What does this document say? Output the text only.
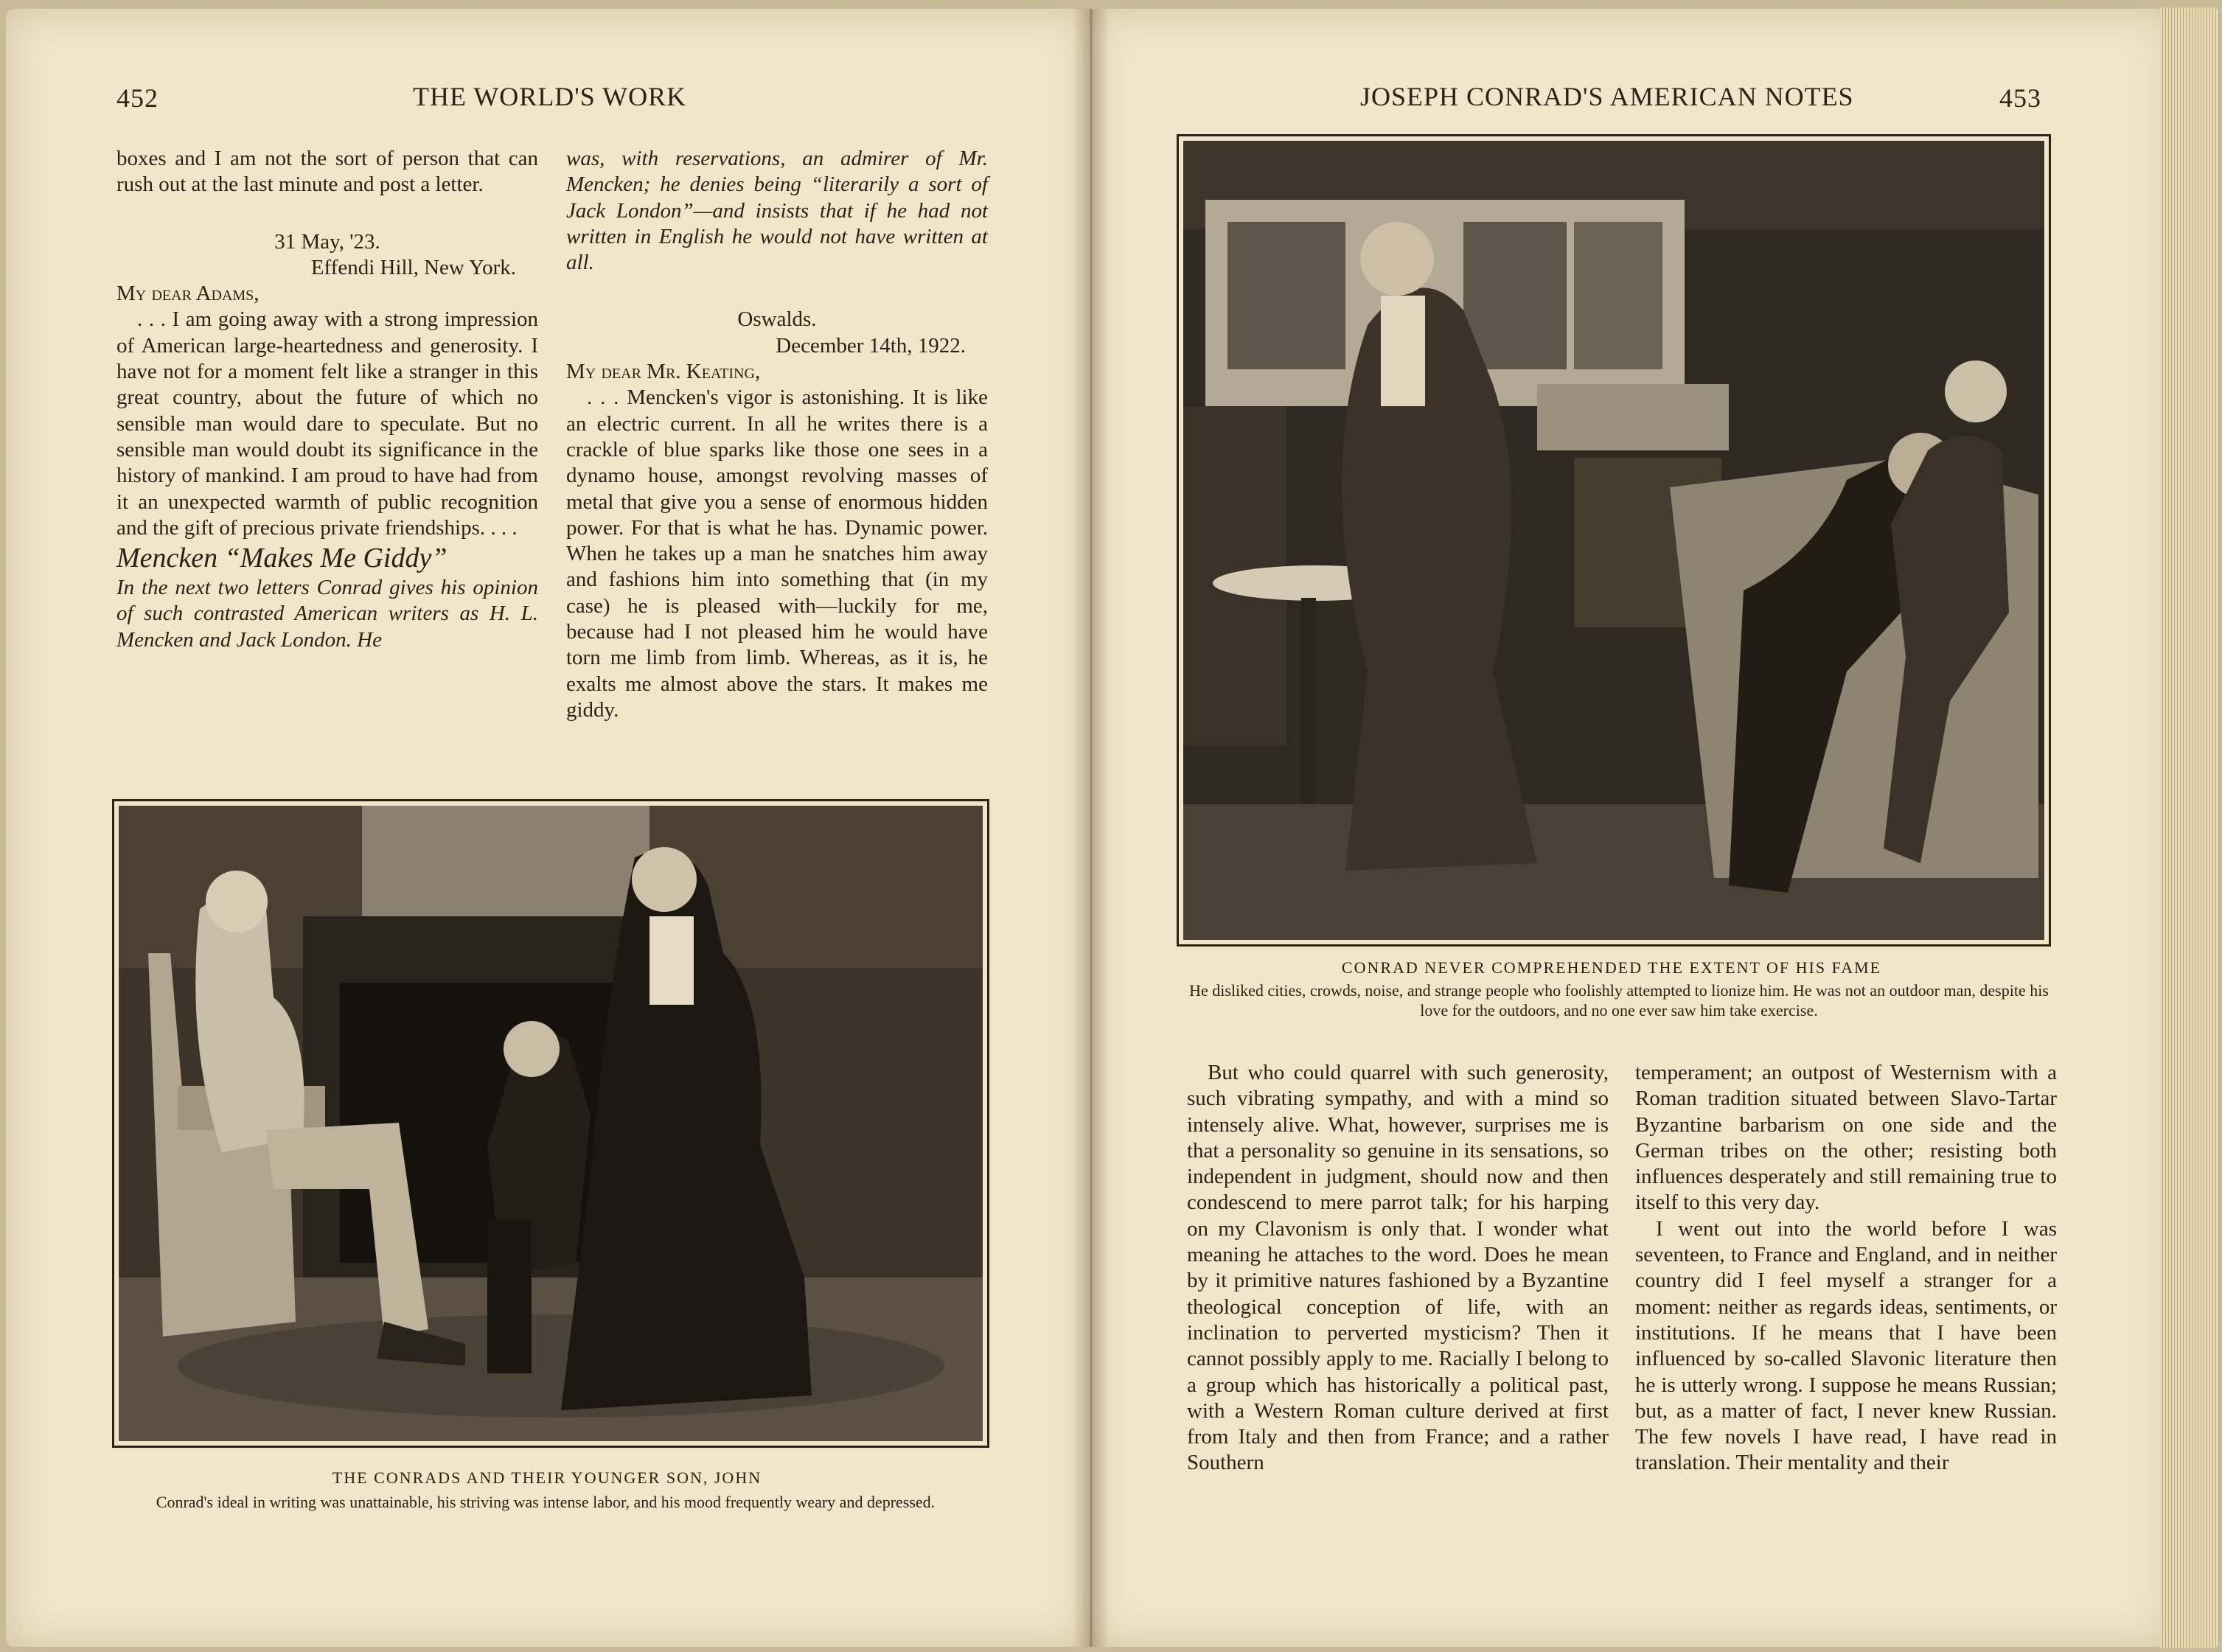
452	THE WORLD'S WORK

boxes and I am not the sort of person that can rush out at the last minute and post a letter.

31 May, '23.

Effendi Hill, New York.

My dear Adams,

. . . I am going away with a strong impression of American large-heartedness and generosity. I have not for a moment felt like a stranger in this great country, about the future of which no sensible man would dare to speculate. But no sensible man would doubt its significance in the history of mankind. I am proud to have had from it an unexpected warmth of public recognition and the gift of precious private friendships. . . .

Mencken “Makes Me Giddy”

In the next two letters Conrad gives his opinion of such contrasted American writers as H. L. Mencken and Jack London. He

was, with reservations, an admirer of Mr. Mencken; he denies being “literarily a sort of Jack London”—and insists that if he had not written in English he would not have written at all.

Oswalds.

December 14th, 1922.

My dear Mr. Keating,

. . . Mencken's vigor is astonishing. It is like an electric current. In all he writes there is a crackle of blue sparks like those one sees in a dynamo house, amongst revolving masses of metal that give you a sense of enormous hidden power. For that is what he has. Dynamic power. When he takes up a man he snatches him away and fashions him into something that (in my case) he is pleased with—luckily for me, because had I not pleased him he would have torn me limb from limb. Whereas, as it is, he exalts me almost above the stars. It makes me giddy.

THE CONRADS AND THEIR YOUNGER SON, JOHN
Conrad's ideal in writing was unattainable, his striving was intense labor, and his mood frequently weary and depressed.
JOSEPH CONRAD'S AMERICAN NOTES	453
CONRAD NEVER COMPREHENDED THE EXTENT OF HIS FAME
He disliked cities, crowds, noise, and strange people who foolishly attempted to lionize him. He was not an outdoor man, despite his love for the outdoors, and no one ever saw him take exercise.

But who could quarrel with such generosity, such vibrating sympathy, and with a mind so intensely alive. What, however, surprises me is that a personality so genuine in its sensations, so independent in judgment, should now and then condescend to mere parrot talk; for his harping on my Clavonism is only that. I wonder what meaning he attaches to the word. Does he mean by it primitive natures fashioned by a Byzantine theological conception of life, with an inclination to perverted mysticism? Then it cannot possibly apply to me. Racially I belong to a group which has historically a political past, with a Western Roman culture derived at first from Italy and then from France; and a rather Southern

temperament; an outpost of Westernism with a Roman tradition situated between Slavo-Tartar Byzantine barbarism on one side and the German tribes on the other; resisting both influences desperately and still remaining true to itself to this very day.

I went out into the world before I was seventeen, to France and England, and in neither country did I feel myself a stranger for a moment: neither as regards ideas, sentiments, or institutions. If he means that I have been influenced by so-called Slavonic literature then he is utterly wrong. I suppose he means Russian; but, as a matter of fact, I never knew Russian. The few novels I have read, I have read in translation. Their mentality and their
